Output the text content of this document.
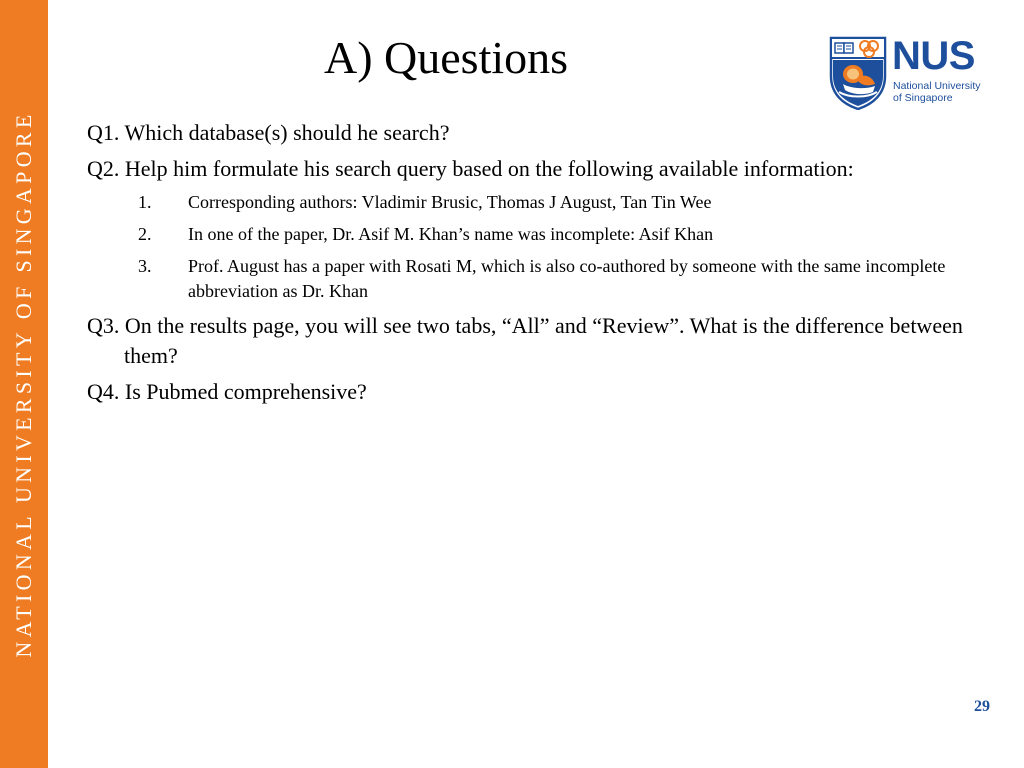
NATIONAL UNIVERSITY OF SINGAPORE
A) Questions	NUS
National University
of Singapore

Q1. Which database(s) should he search?

Q2. Help him formulate his search query based on the following available information:

1. Corresponding authors: Vladimir Brusic, Thomas J August, Tan Tin Wee
2. In one of the paper, Dr. Asif M. Khan’s name was incomplete: Asif Khan
3. Prof. August has a paper with Rosati M, which is also co-authored by someone with the same incomplete abbreviation as Dr. Khan

Q3. On the results page, you will see two tabs, “All” and “Review”. What is the difference between them?

Q4. Is Pubmed comprehensive?

29
